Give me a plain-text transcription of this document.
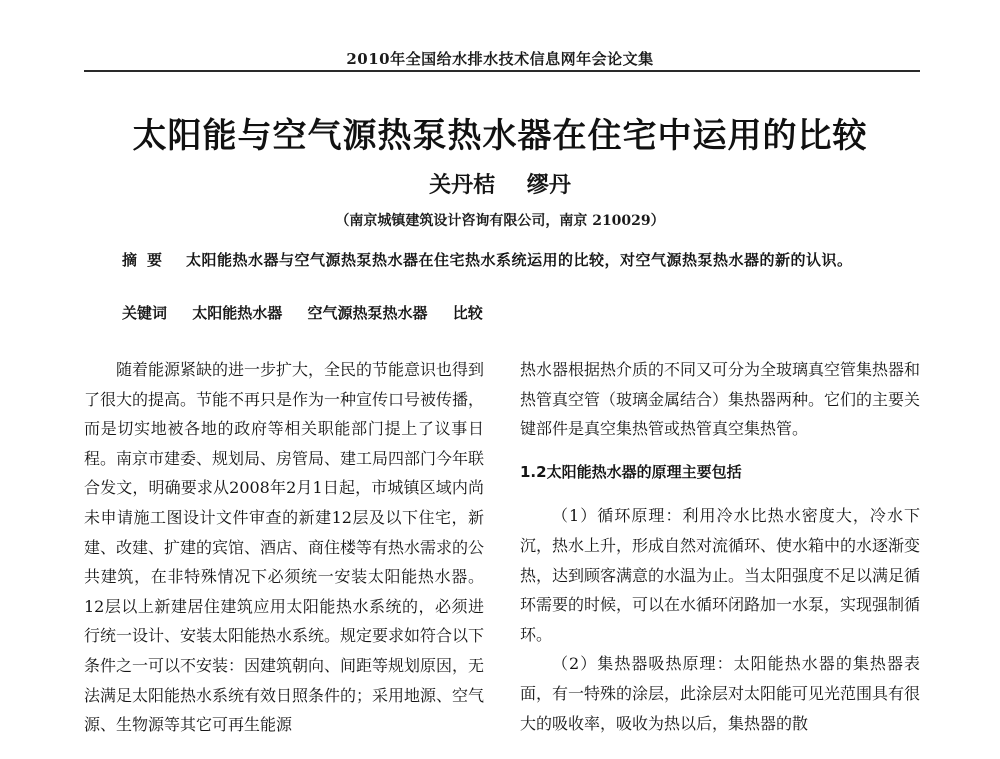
2010年全国给水排水技术信息网年会论文集
太阳能与空气源热泵热水器在住宅中运用的比较
关丹桔 缪丹
（南京城镇建筑设计咨询有限公司，南京 210029）
摘要 太阳能热水器与空气源热泵热水器在住宅热水系统运用的比较，对空气源热泵热水器的新的认识。
关键词 太阳能热水器 空气源热泵热水器 比较

随着能源紧缺的进一步扩大，全民的节能意识也得到了很大的提高。节能不再只是作为一种宣传口号被传播，而是切实地被各地的政府等相关职能部门提上了议事日程。南京市建委、规划局、房管局、建工局四部门今年联合发文，明确要求从2008年2月1日起，市城镇区域内尚未申请施工图设计文件审查的新建12层及以下住宅，新建、改建、扩建的宾馆、酒店、商住楼等有热水需求的公共建筑，在非特殊情况下必须统一安装太阳能热水器。12层以上新建居住建筑应用太阳能热水系统的，必须进行统一设计、安装太阳能热水系统。规定要求如符合以下条件之一可以不安装：因建筑朝向、间距等规划原因，无法满足太阳能热水系统有效日照条件的；采用地源、空气源、生物源等其它可再生能源

热水器根据热介质的不同又可分为全玻璃真空管集热器和热管真空管（玻璃金属结合）集热器两种。它们的主要关键部件是真空集热管或热管真空集热管。

1.2太阳能热水器的原理主要包括

（1）循环原理：利用冷水比热水密度大，冷水下沉，热水上升，形成自然对流循环、使水箱中的水逐渐变热，达到顾客满意的水温为止。当太阳强度不足以满足循环需要的时候，可以在水循环闭路加一水泵，实现强制循环。

（2）集热器吸热原理：太阳能热水器的集热器表面，有一特殊的涂层，此涂层对太阳能可见光范围具有很大的吸收率，吸收为热以后，集热器的散
